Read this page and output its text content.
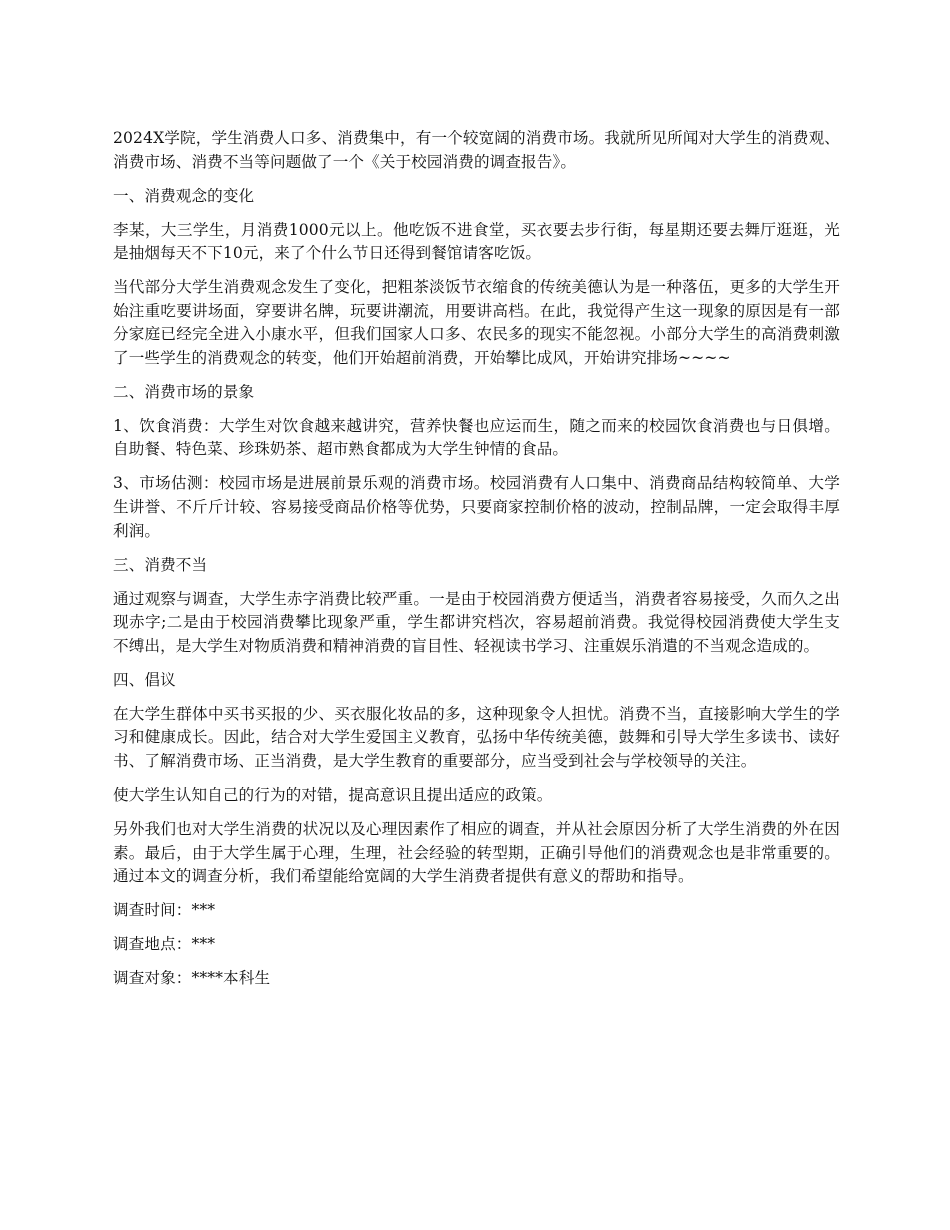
2024X学院，学生消费人口多、消费集中，有一个较宽阔的消费市场。我就所见所闻对大学生的消费观、消费市场、消费不当等问题做了一个《关于校园消费的调查报告》。

一、消费观念的变化

李某，大三学生，月消费1000元以上。他吃饭不进食堂，买衣要去步行街，每星期还要去舞厅逛逛，光是抽烟每天不下10元，来了个什么节日还得到餐馆请客吃饭。

当代部分大学生消费观念发生了变化，把粗茶淡饭节衣缩食的传统美德认为是一种落伍，更多的大学生开始注重吃要讲场面，穿要讲名牌，玩要讲潮流，用要讲高档。在此，我觉得产生这一现象的原因是有一部分家庭已经完全进入小康水平，但我们国家人口多、农民多的现实不能忽视。小部分大学生的高消费刺激了一些学生的消费观念的转变，他们开始超前消费，开始攀比成风，开始讲究排场~~~~

二、消费市场的景象

1、饮食消费：大学生对饮食越来越讲究，营养快餐也应运而生，随之而来的校园饮食消费也与日俱增。自助餐、特色菜、珍珠奶茶、超市熟食都成为大学生钟情的食品。

3、市场估测：校园市场是进展前景乐观的消费市场。校园消费有人口集中、消费商品结构较简单、大学生讲誉、不斤斤计较、容易接受商品价格等优势，只要商家控制价格的波动，控制品牌，一定会取得丰厚利润。

三、消费不当

通过观察与调查，大学生赤字消费比较严重。一是由于校园消费方便适当，消费者容易接受，久而久之出现赤字;二是由于校园消费攀比现象严重，学生都讲究档次，容易超前消费。我觉得校园消费使大学生支不缚出，是大学生对物质消费和精神消费的盲目性、轻视读书学习、注重娱乐消遣的不当观念造成的。

四、倡议

在大学生群体中买书买报的少、买衣服化妆品的多，这种现象令人担忧。消费不当，直接影响大学生的学习和健康成长。因此，结合对大学生爱国主义教育，弘扬中华传统美德，鼓舞和引导大学生多读书、读好书、了解消费市场、正当消费，是大学生教育的重要部分，应当受到社会与学校领导的关注。

使大学生认知自己的行为的对错，提高意识且提出适应的政策。

另外我们也对大学生消费的状况以及心理因素作了相应的调查，并从社会原因分析了大学生消费的外在因素。最后，由于大学生属于心理，生理，社会经验的转型期，正确引导他们的消费观念也是非常重要的。通过本文的调查分析，我们希望能给宽阔的大学生消费者提供有意义的帮助和指导。

调查时间：***

调查地点：***

调查对象：****本科生
